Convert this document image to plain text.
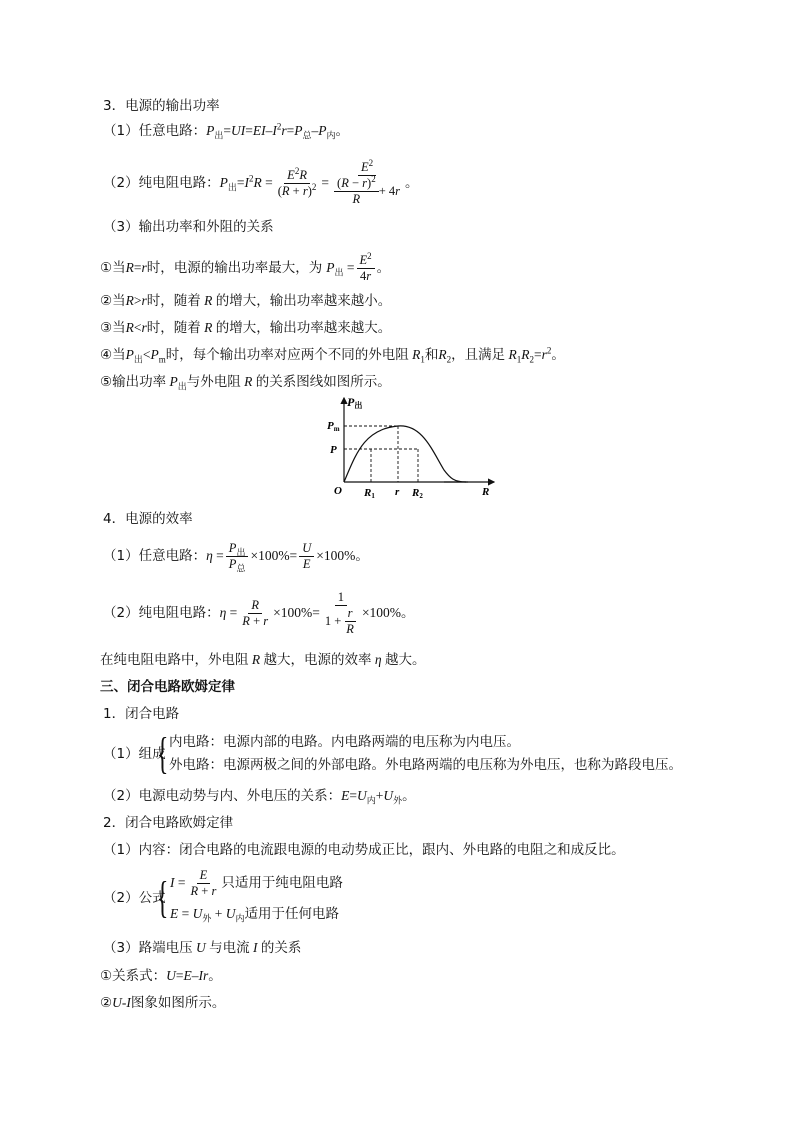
3．电源的输出功率
（1）任意电路：$P_出=UI=EI-I^2r=P_总-P_内$。
（2）纯电阻电路： $P_出=I^2R = \frac{E^2R}{(R + r)^2} = \frac{E^2}{\frac{(R - r)^2}{R} + 4 r}$ 。
（3）输出功率和外阻的关系
①当 R=r 时，电源的输出功率最大，为 $P_出 = \frac{E^2}{4r}$ 。
②当R>r时，随着 R 的增大，输出功率越来越小。
③当R<r时，随着 R 的增大，输出功率越来越大。
④当$P_出<P_m$时，每个输出功率对应两个不同的外电阻 $R_1$和$R_2$，且满足 $R_1R_2=r^2$。
⑤输出功率 $P_出$与外电阻 R 的关系图线如图所示。
P出
Pm
P
O R1 r R2	R
4．电源的效率
（1）任意电路： $\eta = \frac{P_出}{P_总} \times 100\%= \frac{U}{E} \times 100\%$ 。
（2）纯电阻电路： $\eta = \frac{R}{R + r} \times 100\%= \frac{1}{1 + \frac{r}{R}} \times 100\%$ 。
在纯电阻电路中，外电阻 R 越大，电源的效率 η 越大。
三、闭合电路欧姆定律
1．闭合电路
（1）组成
{ 内电路：电源内部的电路。内电路两端的电压称为内电压。
外电路：电源两极之间的外部电路。外电路两端的电压称为外电压，也称为路段电压。
（2）电源电动势与内、外电压的关系：$E=U_内+U_外$。
2．闭合电路欧姆定律
（1）内容：闭合电路的电流跟电源的电动势成正比，跟内、外电路的电阻之和成反比。
（2）公式
{ $I = \frac{E}{R + r}$ 只适用于纯电阻电路
$E = U_外 + U_内$适用于任何电路
（3）路端电压 U 与电流 I 的关系
①关系式：U=E–Ir。
②U-I图象如图所示。
